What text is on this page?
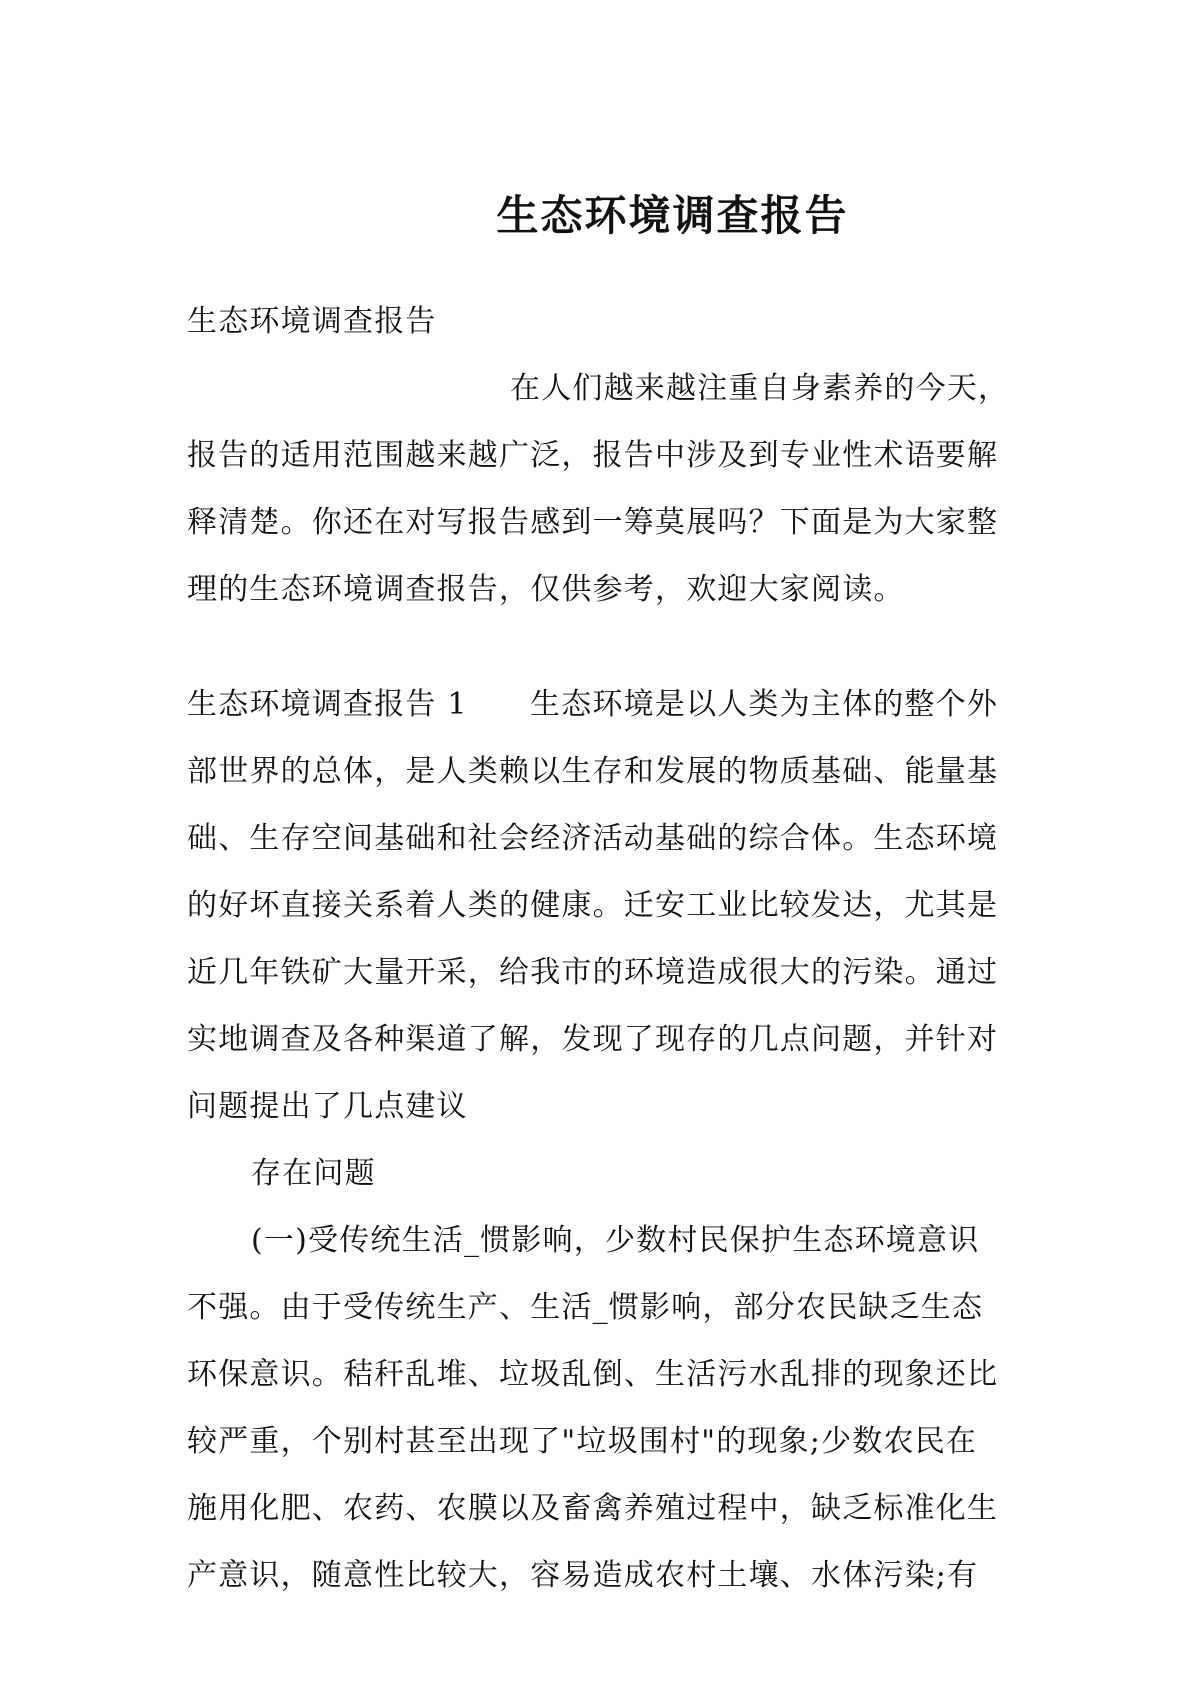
生态环境调查报告
生态环境调查报告
在人们越来越注重自身素养的今天，
报告的适用范围越来越广泛，报告中涉及到专业性术语要解
释清楚。你还在对写报告感到一筹莫展吗？下面是为大家整
理的生态环境调查报告，仅供参考，欢迎大家阅读。
生态环境调查报告 1　　生态环境是以人类为主体的整个外
部世界的总体，是人类赖以生存和发展的物质基础、能量基
础、生存空间基础和社会经济活动基础的综合体。生态环境
的好坏直接关系着人类的健康。迁安工业比较发达，尤其是
近几年铁矿大量开采，给我市的环境造成很大的污染。通过
实地调查及各种渠道了解，发现了现存的几点问题，并针对
问题提出了几点建议
存在问题
(一)受传统生活_惯影响，少数村民保护生态环境意识
不强。由于受传统生产、生活_惯影响，部分农民缺乏生态
环保意识。秸秆乱堆、垃圾乱倒、生活污水乱排的现象还比
较严重，个别村甚至出现了"垃圾围村"的现象;少数农民在
施用化肥、农药、农膜以及畜禽养殖过程中，缺乏标准化生
产意识，随意性比较大，容易造成农村土壤、水体污染;有
